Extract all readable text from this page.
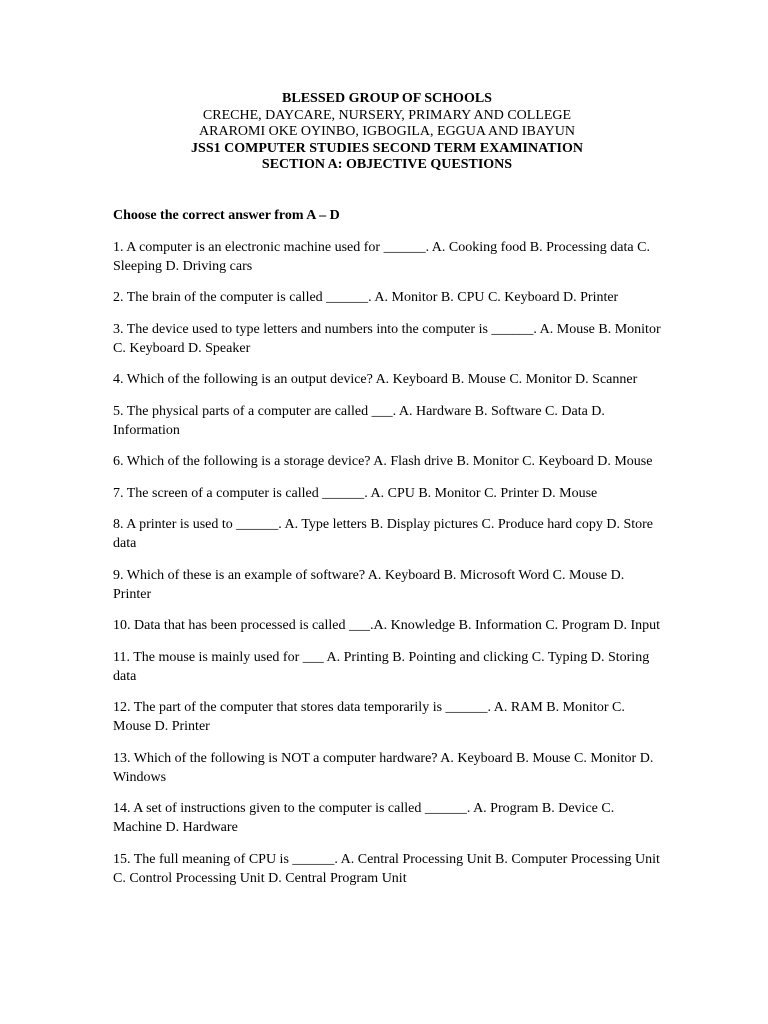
BLESSED GROUP OF SCHOOLS
CRECHE, DAYCARE, NURSERY, PRIMARY AND COLLEGE
ARAROMI OKE OYINBO, IGBOGILA, EGGUA AND IBAYUN
JSS1 COMPUTER STUDIES SECOND TERM EXAMINATION
SECTION A: OBJECTIVE QUESTIONS
Choose the correct answer from A – D

1. A computer is an electronic machine used for ______. A. Cooking food B. Processing data C. Sleeping D. Driving cars

2. The brain of the computer is called ______. A. Monitor B. CPU C. Keyboard D. Printer

3. The device used to type letters and numbers into the computer is ______. A. Mouse B. Monitor C. Keyboard D. Speaker

4. Which of the following is an output device? A. Keyboard B. Mouse C. Monitor D. Scanner

5. The physical parts of a computer are called ___. A. Hardware B. Software C. Data D. Information

6. Which of the following is a storage device? A. Flash drive B. Monitor C. Keyboard D. Mouse

7. The screen of a computer is called ______. A. CPU B. Monitor C. Printer D. Mouse

8. A printer is used to ______. A. Type letters B. Display pictures C. Produce hard copy D. Store data

9. Which of these is an example of software? A. Keyboard B. Microsoft Word C. Mouse D. Printer

10. Data that has been processed is called ___.A. Knowledge B. Information C. Program D. Input

11. The mouse is mainly used for ___ A. Printing B. Pointing and clicking C. Typing D. Storing data

12. The part of the computer that stores data temporarily is ______. A. RAM B. Monitor C. Mouse D. Printer

13. Which of the following is NOT a computer hardware? A. Keyboard B. Mouse C. Monitor D. Windows

14. A set of instructions given to the computer is called ______. A. Program B. Device C. Machine D. Hardware

15. The full meaning of CPU is ______. A. Central Processing Unit B. Computer Processing Unit C. Control Processing Unit D. Central Program Unit
